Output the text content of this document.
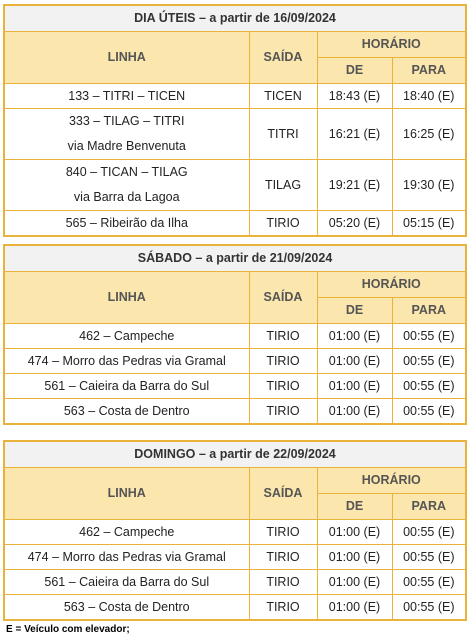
DIA ÚTEIS – a partir de 16/09/2024			
LINHA	SAÍDA	HORÁRIO	
		DE	PARA
133 – TITRI – TICEN	TICEN	18:43 (E)	18:40 (E)

333 – TILAG – TITRI
via Madre Benvenuta	TITRI	16:21 (E)	16:25 (E)

840 – TICAN – TILAG
via Barra da Lagoa	TILAG	19:21 (E)	19:30 (E)
565 – Ribeirão da Ilha	TIRIO	05:20 (E)	05:15 (E)
SÁBADO – a partir de 21/09/2024			
LINHA	SAÍDA	HORÁRIO	
		DE	PARA
462 – Campeche	TIRIO	01:00 (E)	00:55 (E)
474 – Morro das Pedras via Gramal	TIRIO	01:00 (E)	00:55 (E)
561 – Caieira da Barra do Sul	TIRIO	01:00 (E)	00:55 (E)
563 – Costa de Dentro	TIRIO	01:00 (E)	00:55 (E)
DOMINGO – a partir de 22/09/2024			
LINHA	SAÍDA	HORÁRIO	
		DE	PARA
462 – Campeche	TIRIO	01:00 (E)	00:55 (E)
474 – Morro das Pedras via Gramal	TIRIO	01:00 (E)	00:55 (E)
561 – Caieira da Barra do Sul	TIRIO	01:00 (E)	00:55 (E)
563 – Costa de Dentro	TIRIO	01:00 (E)	00:55 (E)
E = Veículo com elevador;
